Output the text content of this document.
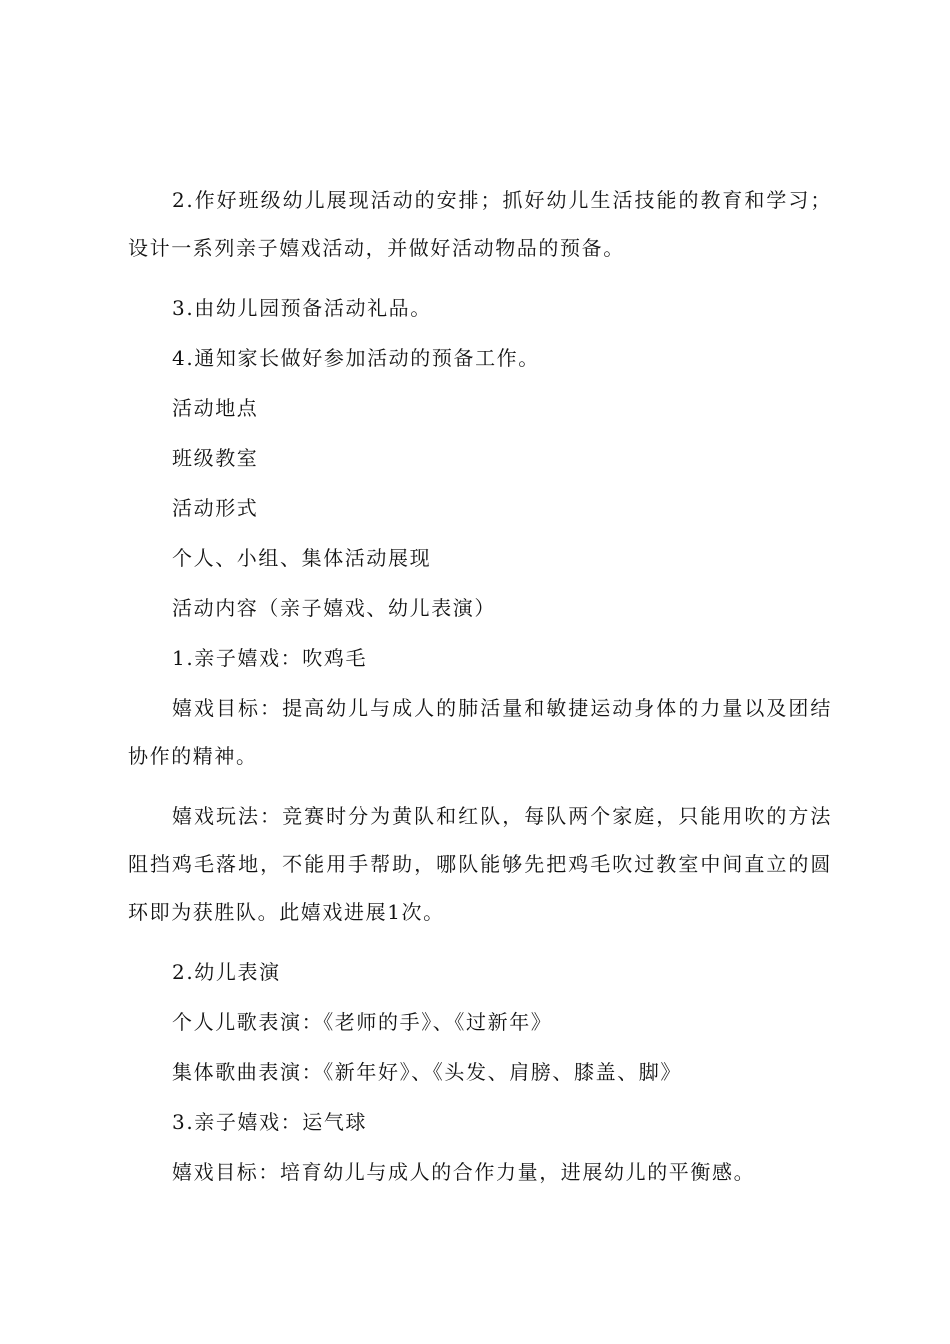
2.作好班级幼儿展现活动的安排；抓好幼儿生活技能的教育和学习；设计一系列亲子嬉戏活动，并做好活动物品的预备。

3.由幼儿园预备活动礼品。

4.通知家长做好参加活动的预备工作。

活动地点

班级教室

活动形式

个人、小组、集体活动展现

活动内容（亲子嬉戏、幼儿表演）

1.亲子嬉戏：吹鸡毛

嬉戏目标：提高幼儿与成人的肺活量和敏捷运动身体的力量以及团结协作的精神。

嬉戏玩法：竞赛时分为黄队和红队，每队两个家庭，只能用吹的方法阻挡鸡毛落地，不能用手帮助，哪队能够先把鸡毛吹过教室中间直立的圆环即为获胜队。此嬉戏进展1次。

2.幼儿表演

个人儿歌表演：《老师的手》、《过新年》

集体歌曲表演：《新年好》、《头发、肩膀、膝盖、脚》

3.亲子嬉戏：运气球

嬉戏目标：培育幼儿与成人的合作力量，进展幼儿的平衡感。
